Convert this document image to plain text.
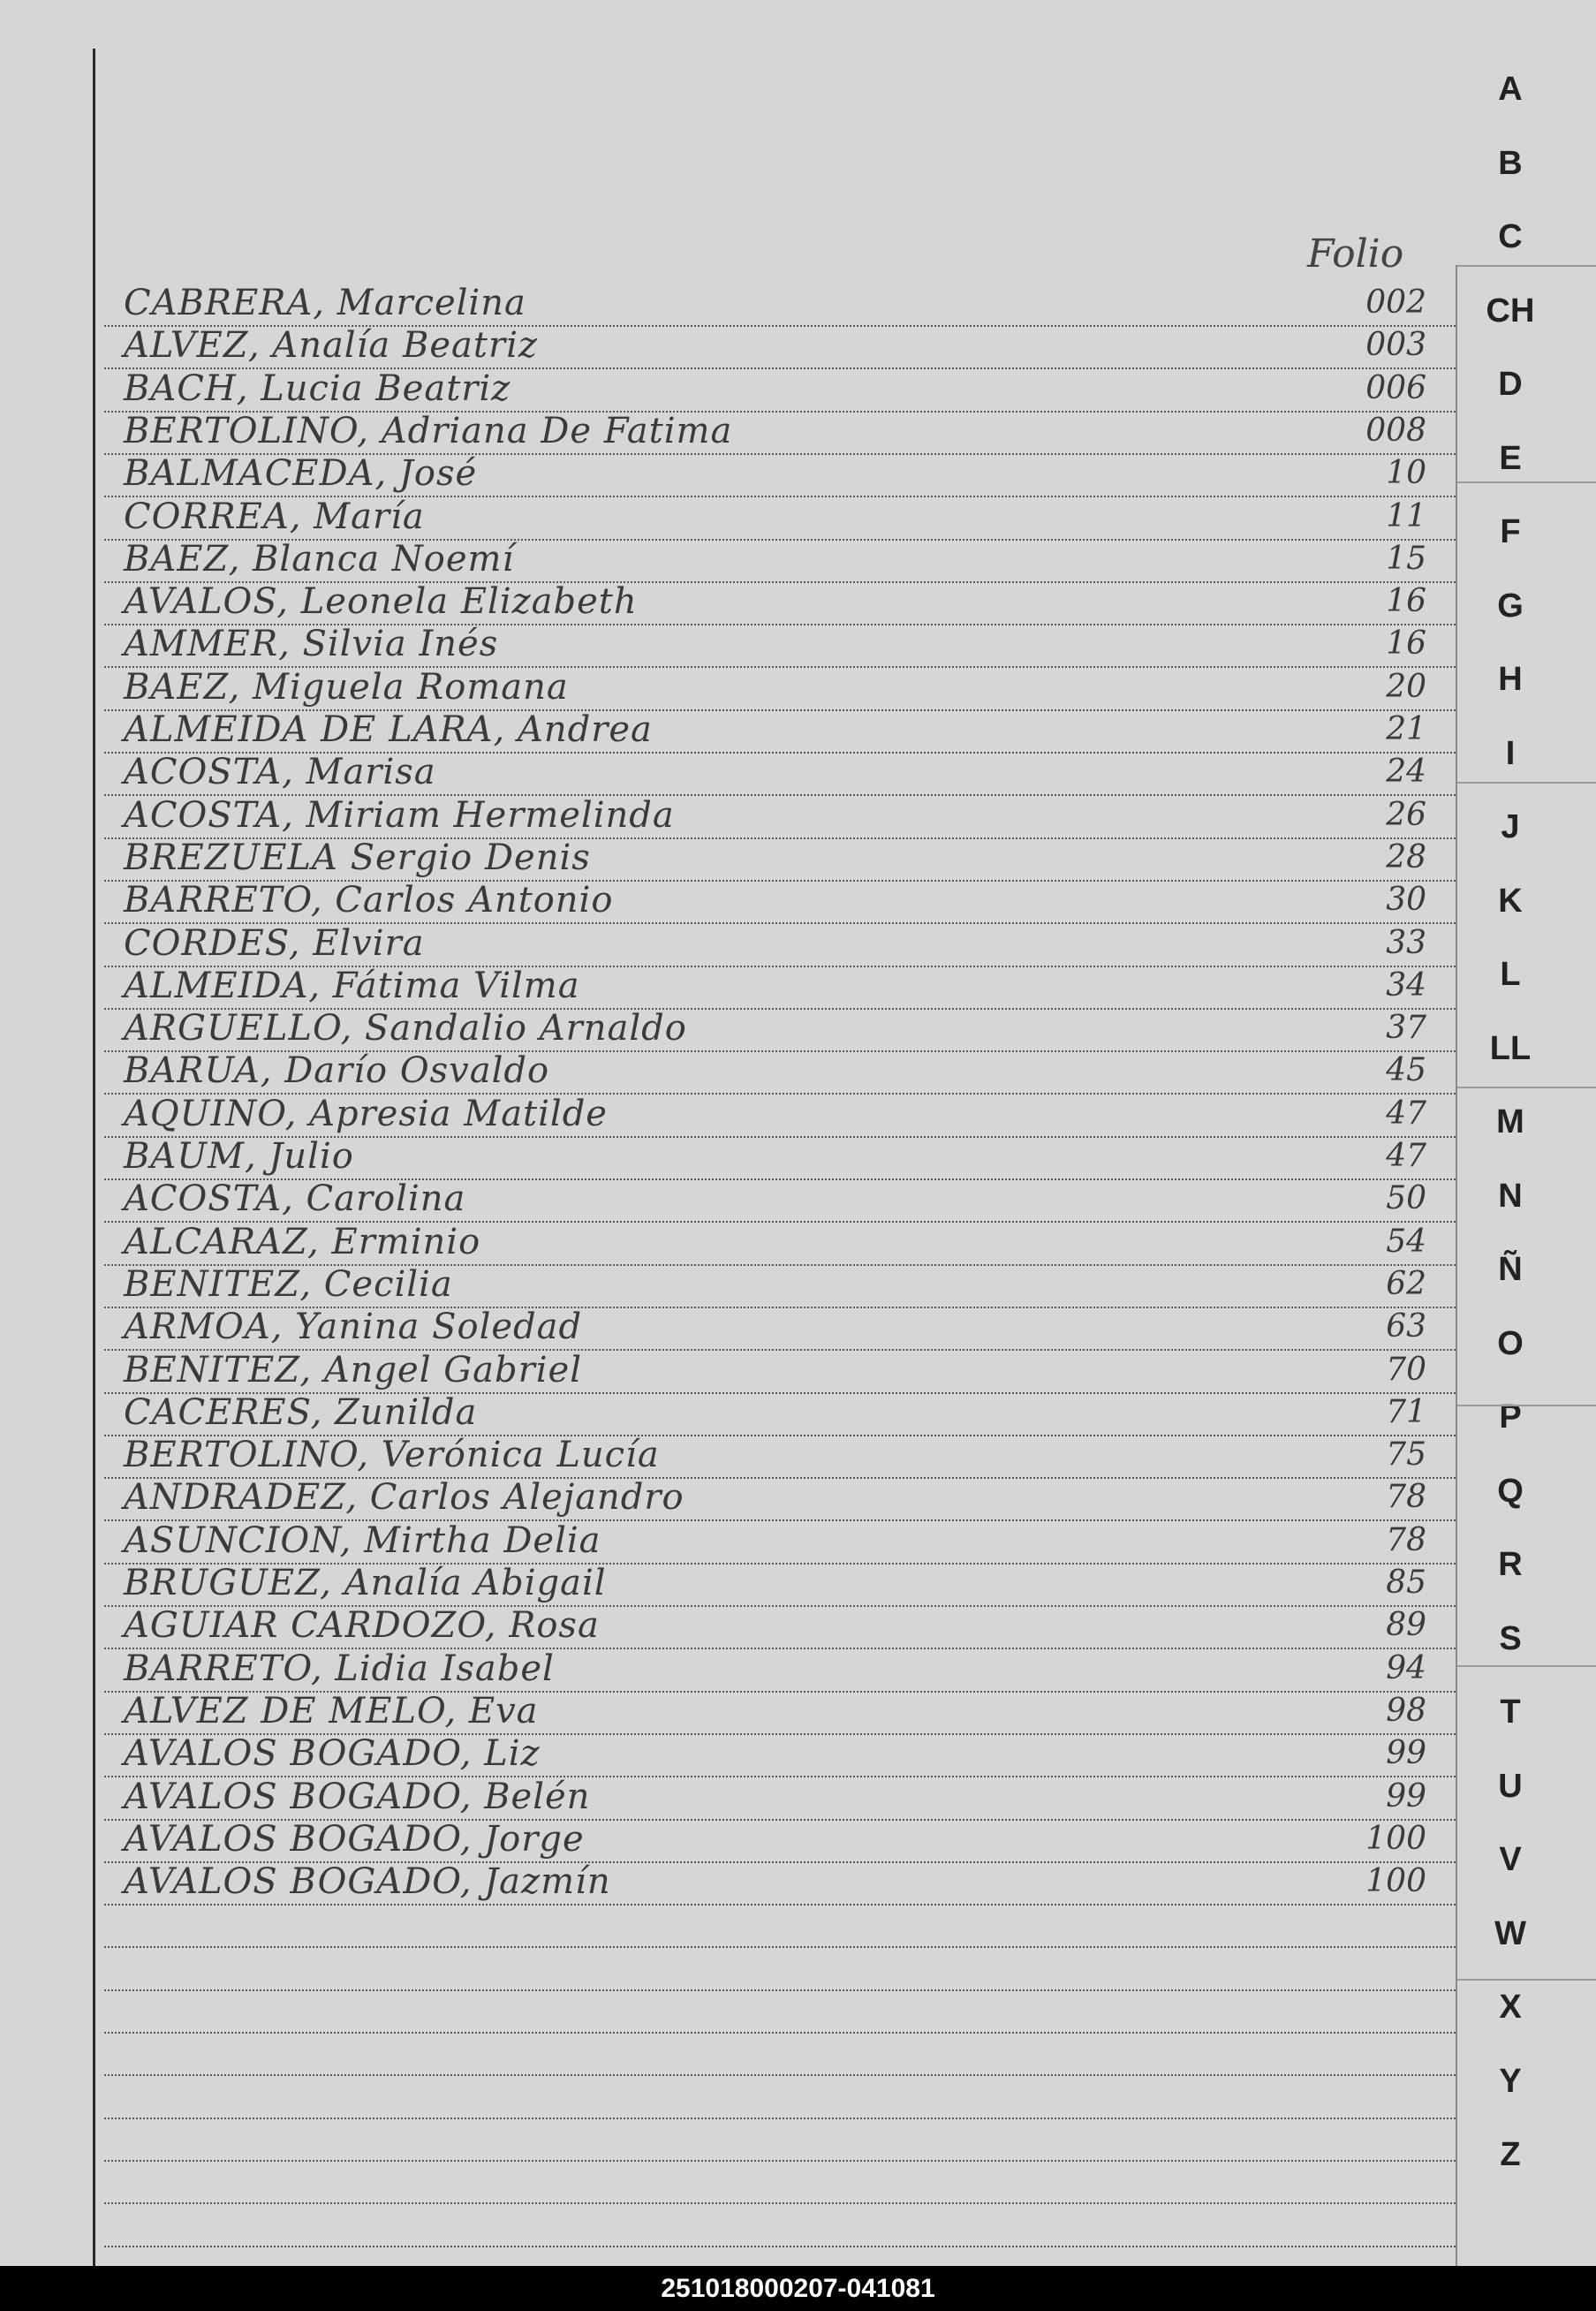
Folio
CABRERA, Marcelina	002
ALVEZ, Analía Beatriz	003
BACH, Lucia Beatriz	006
BERTOLINO, Adriana De Fatima	008
BALMACEDA, José	10
CORREA, María	11
BAEZ, Blanca Noemí	15
AVALOS, Leonela Elizabeth	16
AMMER, Silvia Inés	16
BAEZ, Miguela Romana	20
ALMEIDA DE LARA, Andrea	21
ACOSTA, Marisa	24
ACOSTA, Miriam Hermelinda	26
BREZUELA Sergio Denis	28
BARRETO, Carlos Antonio	30
CORDES, Elvira	33
ALMEIDA, Fátima Vilma	34
ARGUELLO, Sandalio Arnaldo	37
BARUA, Darío Osvaldo	45
AQUINO, Apresia Matilde	47
BAUM, Julio	47
ACOSTA, Carolina	50
ALCARAZ, Erminio	54
BENITEZ, Cecilia	62
ARMOA, Yanina Soledad	63
BENITEZ, Angel Gabriel	70
CACERES, Zunilda	71
BERTOLINO, Verónica Lucía	75
ANDRADEZ, Carlos Alejandro	78
ASUNCION, Mirtha Delia	78
BRUGUEZ, Analía Abigail	85
AGUIAR CARDOZO, Rosa	89
BARRETO, Lidia Isabel	94
ALVEZ DE MELO, Eva	98
AVALOS BOGADO, Liz	99
AVALOS BOGADO, Belén	99
AVALOS BOGADO, Jorge	100
AVALOS BOGADO, Jazmín	100
A
B
C
CH
D
E
F
G
H
I
J
K
L
LL
M
N
Ñ
O
P
Q
R
S
T
U
V
W
X
Y
Z
251018000207-041081
